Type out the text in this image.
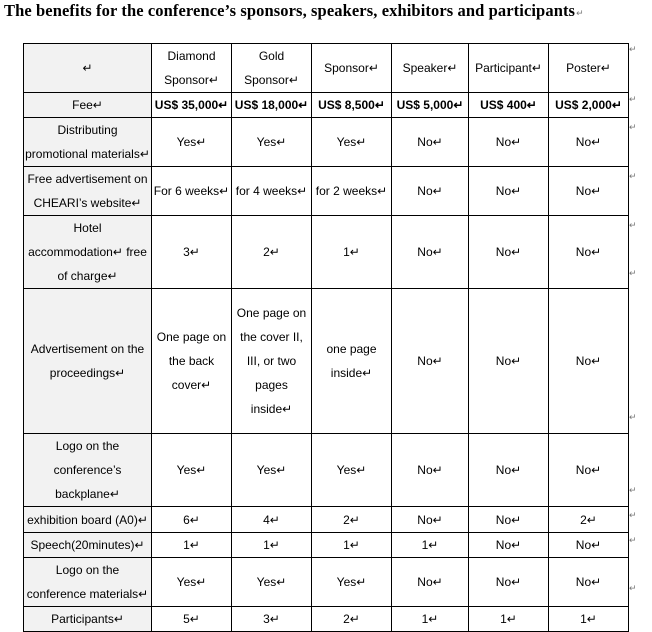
The benefits for the conference’s sponsors, speakers, exhibitors and participants↵
↵	Diamond Sponsor↵	Gold Sponsor↵	Sponsor↵	Speaker↵	Participant↵	Poster↵
Fee↵	US$ 35,000↵	US$ 18,000↵	US$ 8,500↵	US$ 5,000↵	US$ 400↵	US$ 2,000↵
Distributing promotional materials↵	Yes↵	Yes↵	Yes↵	No↵	No↵	No↵
Free advertisement on CHEARI’s website↵	For 6 weeks↵	for 4 weeks↵	for 2 weeks↵	No↵	No↵	No↵
Hotel accommodation↵ free of charge↵	3↵	2↵	1↵	No↵	No↵	No↵
Advertisement on the proceedings↵	One page on the back cover↵	One page on the cover II, III, or two pages inside↵	one page inside↵	No↵	No↵	No↵
Logo on the conference’s backplane↵	Yes↵	Yes↵	Yes↵	No↵	No↵	No↵
exhibition board (A0)↵	6↵	4↵	2↵	No↵	No↵	2↵
Speech(20minutes)↵	1↵	1↵	1↵	1↵	No↵	No↵
Logo on the conference materials↵	Yes↵	Yes↵	Yes↵	No↵	No↵	No↵
Participants↵	5↵	3↵	2↵	1↵	1↵	1↵
↵
↵
↵
↵
↵
↵
↵
↵
↵
↵
↵
